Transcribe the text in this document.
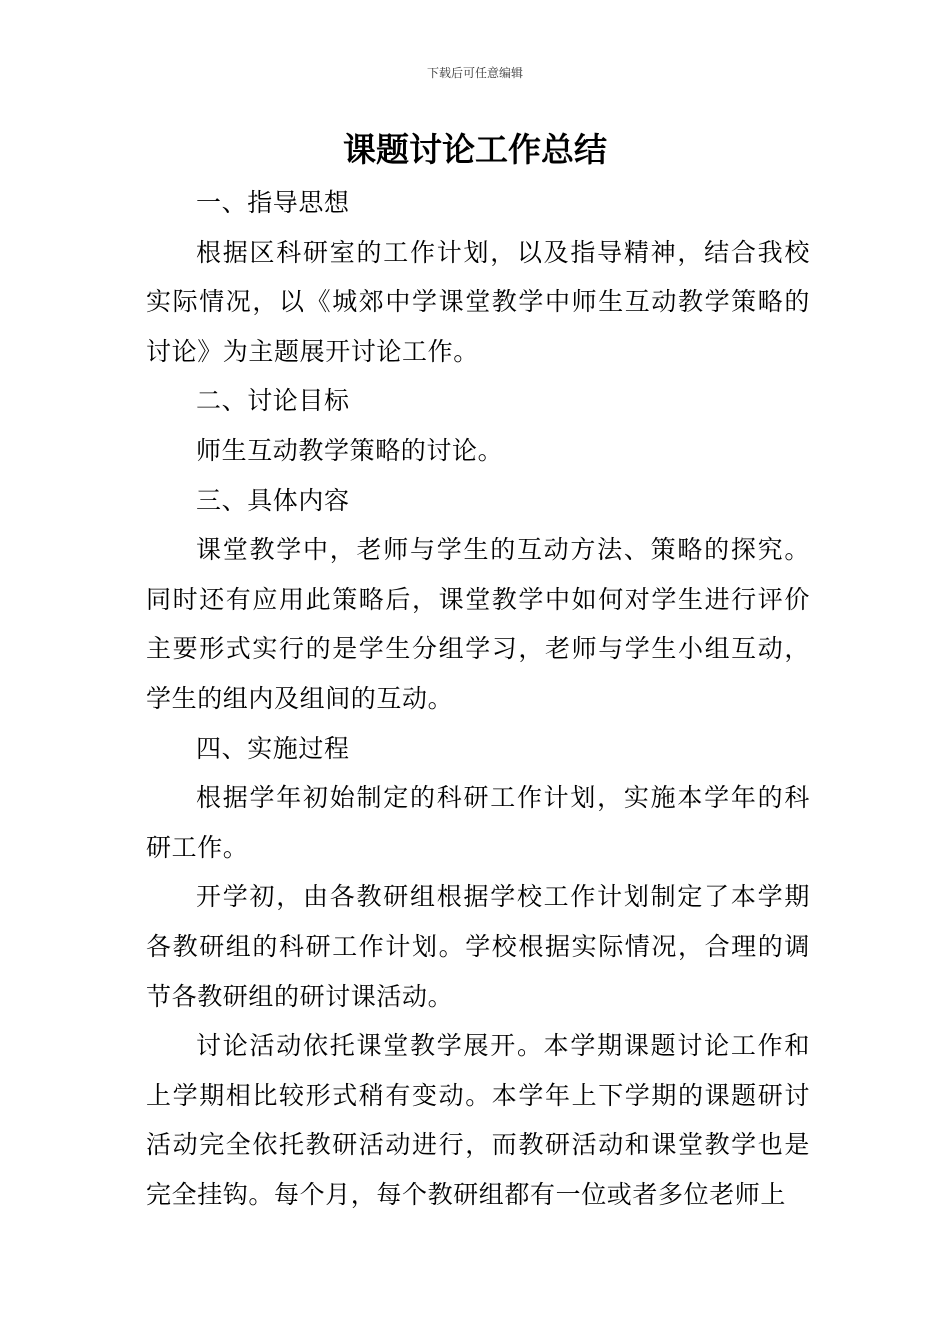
下载后可任意编辑
课题讨论工作总结

一、指导思想

根据区科研室的工作计划，以及指导精神，结合我校实际情况，以《城郊中学课堂教学中师生互动教学策略的讨论》为主题展开讨论工作。

二、讨论目标

师生互动教学策略的讨论。

三、具体内容

课堂教学中，老师与学生的互动方法、策略的探究。同时还有应用此策略后，课堂教学中如何对学生进行评价主要形式实行的是学生分组学习，老师与学生小组互动，学生的组内及组间的互动。

四、实施过程

根据学年初始制定的科研工作计划，实施本学年的科研工作。

开学初，由各教研组根据学校工作计划制定了本学期各教研组的科研工作计划。学校根据实际情况，合理的调节各教研组的研讨课活动。

讨论活动依托课堂教学展开。本学期课题讨论工作和上学期相比较形式稍有变动。本学年上下学期的课题研讨活动完全依托教研活动进行，而教研活动和课堂教学也是完全挂钩。每个月，每个教研组都有一位或者多位老师上
